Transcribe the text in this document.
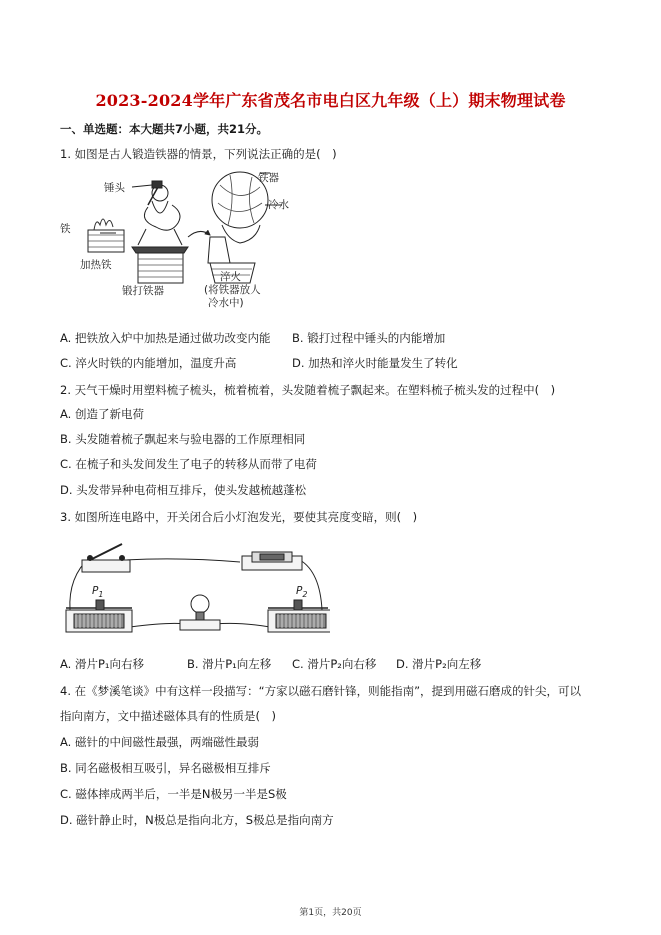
2023-2024学年广东省茂名市电白区九年级（上）期末物理试卷
一、单选题：本大题共7小题，共21分。
1. 如图是古人锻造铁器的情景，下列说法正确的是(　)
锤头
铁器
冷水
铁
加热铁
锻打铁器
淬火
(将铁器放人
冷水中)
A. 把铁放入炉中加热是通过做功改变内能 B. 锻打过程中锤头的内能增加
C. 淬火时铁的内能增加，温度升高	D. 加热和淬火时能量发生了转化
2. 天气干燥时用塑料梳子梳头，梳着梳着，头发随着梳子飘起来。在塑料梳子梳头发的过程中(　)
A. 创造了新电荷
B. 头发随着梳子飘起来与验电器的工作原理相同
C. 在梳子和头发间发生了电子的转移从而带了电荷
D. 头发带异种电荷相互排斥，使头发越梳越蓬松
3. 如图所连电路中，开关闭合后小灯泡发光，要使其亮度变暗，则(　)
$P_1$	$P_2$
A. 滑片P₁向右移	B. 滑片P₁向左移 C. 滑片P₂向右移 D. 滑片P₂向左移
4. 在《梦溪笔谈》中有这样一段描写：“方家以磁石磨针锋，则能指南”，提到用磁石磨成的针尖，可以
指向南方，文中描述磁体具有的性质是(　)
A. 磁针的中间磁性最强，两端磁性最弱
B. 同名磁极相互吸引，异名磁极相互排斥
C. 磁体摔成两半后，一半是N极另一半是S极
D. 磁针静止时，N极总是指向北方，S极总是指向南方
第1页，共20页
